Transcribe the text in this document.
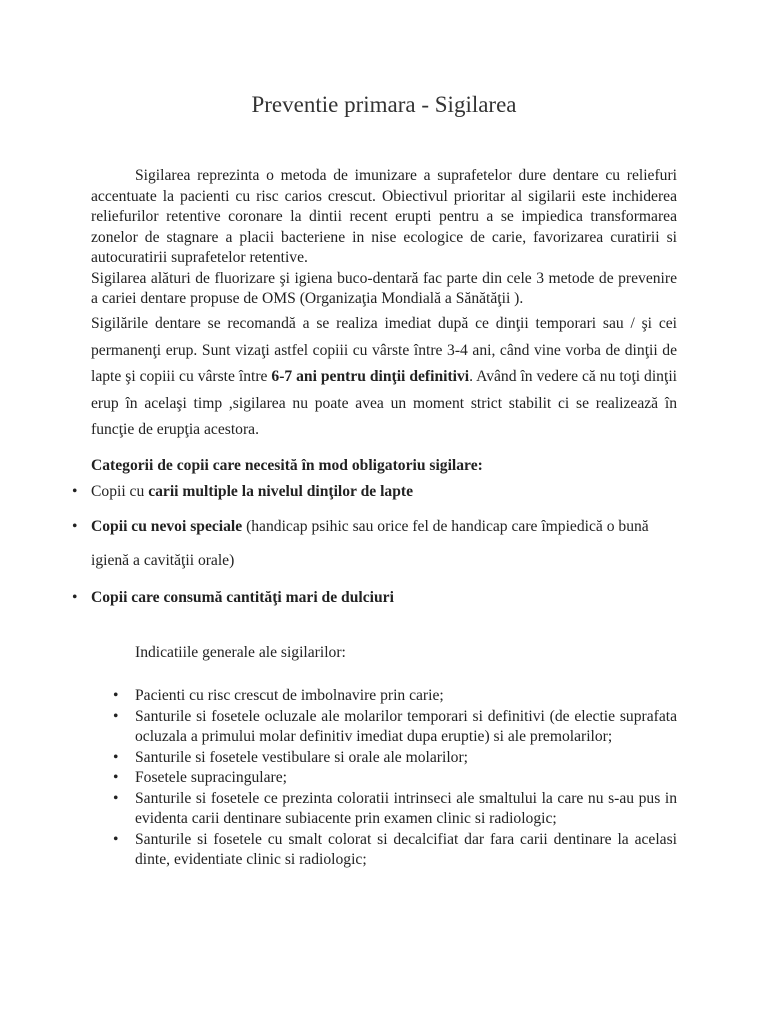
Preventie primara - Sigilarea
Sigilarea reprezinta o metoda de imunizare a suprafetelor dure dentare cu reliefuri accentuate la pacienti cu risc carios crescut. Obiectivul prioritar al sigilarii este inchiderea reliefurilor retentive coronare la dintii recent erupti pentru a se impiedica transformarea zonelor de stagnare a placii bacteriene in nise ecologice de carie, favorizarea curatirii si autocuratirii suprafetelor retentive.
Sigilarea alături de fluorizare şi igiena buco-dentară fac parte din cele 3 metode de prevenire a cariei dentare propuse de OMS (Organizaţia Mondială a Sănătăţii ).
Sigilările dentare se recomandă a se realiza imediat după ce dinţii temporari sau / şi cei permanenţi erup. Sunt vizaţi astfel copiii cu vârste între 3-4 ani, când vine vorba de dinţii de lapte şi copiii cu vârste între 6-7 ani pentru dinţii definitivi. Având în vedere că nu toţi dinţii erup în acelaşi timp ,sigilarea nu poate avea un moment strict stabilit ci se realizează în funcţie de erupţia acestora.
Categorii de copii care necesită în mod obligatoriu sigilare:
• Copii cu carii multiple la nivelul dinţilor de lapte
• Copii cu nevoi speciale (handicap psihic sau orice fel de handicap care împiedică o bună igienă a cavităţii orale)
• Copii care consumă cantităţi mari de dulciuri
Indicatiile generale ale sigilarilor:
• Pacienti cu risc crescut de imbolnavire prin carie;
• Santurile si fosetele ocluzale ale molarilor temporari si definitivi (de electie suprafata ocluzala a primului molar definitiv imediat dupa eruptie) si ale premolarilor;
• Santurile si fosetele vestibulare si orale ale molarilor;
• Fosetele supracingulare;
• Santurile si fosetele ce prezinta coloratii intrinseci ale smaltului la care nu s-au pus in evidenta carii dentinare subiacente prin examen clinic si radiologic;
• Santurile si fosetele cu smalt colorat si decalcifiat dar fara carii dentinare la acelasi dinte, evidentiate clinic si radiologic;
